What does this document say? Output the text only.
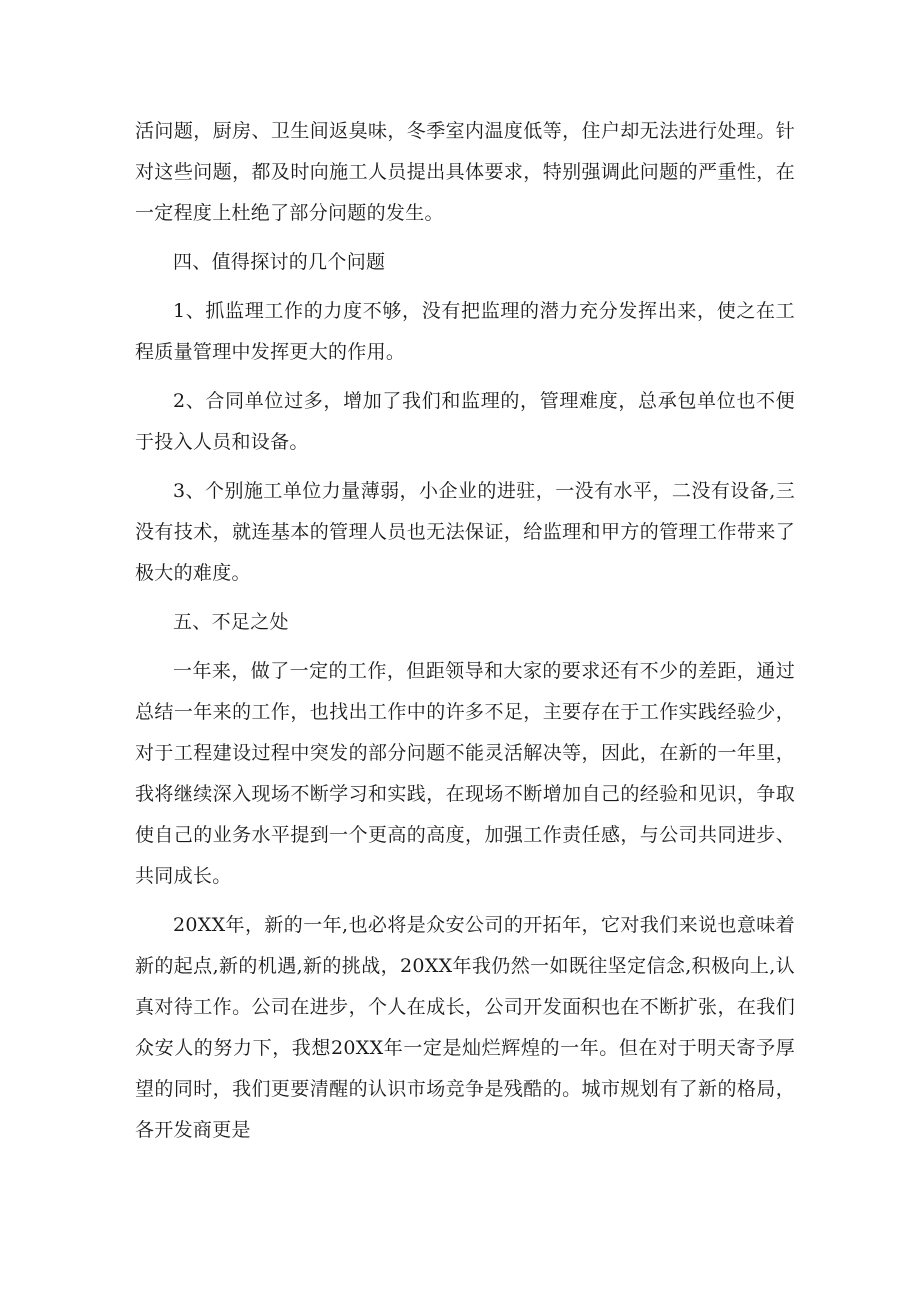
活问题，厨房、卫生间返臭味，冬季室内温度低等，住户却无法进行处理。针对这些问题，都及时向施工人员提出具体要求，特别强调此问题的严重性，在一定程度上杜绝了部分问题的发生。

四、值得探讨的几个问题

1、抓监理工作的力度不够，没有把监理的潜力充分发挥出来，使之在工程质量管理中发挥更大的作用。

2、合同单位过多，增加了我们和监理的，管理难度，总承包单位也不便于投入人员和设备。

3、个别施工单位力量薄弱，小企业的进驻，一没有水平，二没有设备,三没有技术，就连基本的管理人员也无法保证，给监理和甲方的管理工作带来了极大的难度。

五、不足之处

一年来，做了一定的工作，但距领导和大家的要求还有不少的差距，通过总结一年来的工作，也找出工作中的许多不足，主要存在于工作实践经验少，对于工程建设过程中突发的部分问题不能灵活解决等，因此，在新的一年里，我将继续深入现场不断学习和实践，在现场不断增加自己的经验和见识，争取使自己的业务水平提到一个更高的高度，加强工作责任感，与公司共同进步、共同成长。

20XX年，新的一年,也必将是众安公司的开拓年，它对我们来说也意味着新的起点,新的机遇,新的挑战，20XX年我仍然一如既往坚定信念,积极向上,认真对待工作。公司在进步，个人在成长，公司开发面积也在不断扩张，在我们众安人的努力下，我想20XX年一定是灿烂辉煌的一年。但在对于明天寄予厚望的同时，我们更要清醒的认识市场竞争是残酷的。城市规划有了新的格局，各开发商更是
